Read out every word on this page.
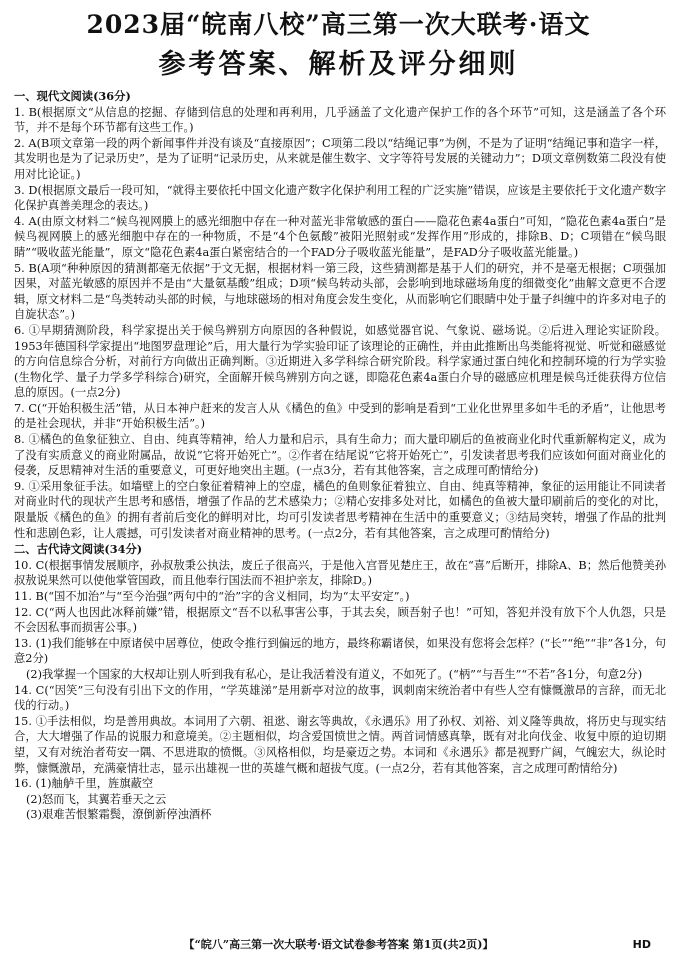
2023届“皖南八校”高三第一次大联考·语文
参考答案、解析及评分细则
一、现代文阅读(36分)

1. B(根据原文“从信息的挖掘、存储到信息的处理和再利用，几乎涵盖了文化遗产保护工作的各个环节”可知，这是涵盖了各个环节，并不是每个环节都有这些工作。)

2. A(B项文章第一段的两个新闻事件并没有谈及“直接原因”；C项第二段以“结绳记事”为例，不是为了证明“结绳记事和造字一样，其发明也是为了记录历史”，是为了证明“记录历史，从来就是催生数字、文字等符号发展的关键动力”；D项文章例数第二段没有使用对比论证。)

3. D(根据原文最后一段可知，“就得主要依托中国文化遗产数字化保护利用工程的广泛实施”错误，应该是主要依托于文化遗产数字化保护真善美理念的表达。)

4. A(由原文材料二“候鸟视网膜上的感光细胞中存在一种对蓝光非常敏感的蛋白——隐花色素4a蛋白”可知，“隐花色素4a蛋白”是候鸟视网膜上的感光细胞中存在的一种物质，不是“4个色氨酸”被阳光照射或“发挥作用”形成的，排除B、D；C项错在“候鸟眼睛”“吸收蓝光能量”，原文“隐花色素4a蛋白紧密结合的一个FAD分子吸收蓝光能量”，是FAD分子吸收蓝光能量。)

5. B(A项“种种原因的猜测都毫无依据”于文无据，根据材料一第三段，这些猜测都是基于人们的研究，并不是毫无根据；C项强加因果，对蓝光敏感的原因并不是由“大量氨基酸”组成；D项“候鸟转动头部，会影响到地球磁场角度的细微变化”曲解文意更不合逻辑，原文材料二是“鸟类转动头部的时候，与地球磁场的相对角度会发生变化，从而影响它们眼睛中处于量子纠缠中的许多对电子的自旋状态”。)

6. ①早期猜测阶段，科学家提出关于候鸟辨别方向原因的各种假说，如感觉器官说、气象说、磁场说。②后进入理论实证阶段。1953年德国科学家提出“地图罗盘理论”后，用大量行为学实验印证了该理论的正确性，并由此推断出鸟类能将视觉、听觉和磁感觉的方向信息综合分析，对前行方向做出正确判断。③近期进入多学科综合研究阶段。科学家通过蛋白纯化和控制环境的行为学实验(生物化学、量子力学多学科综合)研究，全面解开候鸟辨别方向之谜，即隐花色素4a蛋白介导的磁感应机理是候鸟迁徙获得方位信息的原因。(一点2分)

7. C(“开始积极生活”错，从日本神户赶来的发言人从《橘色的鱼》中受到的影响是看到“工业化世界里多如牛毛的矛盾”，让他思考的是社会现状，并非“开始积极生活”。)

8. ①橘色的鱼象征独立、自由、纯真等精神，给人力量和启示，具有生命力；而大量印刷后的鱼被商业化时代重新解构定义，成为了没有实质意义的商业附属品，故说“它将开始死亡”。②作者在结尾说“它将开始死亡”，引发读者思考我们应该如何面对商业化的侵袭，反思精神对生活的重要意义，可更好地突出主题。(一点3分，若有其他答案，言之成理可酌情给分)

9. ①采用象征手法。如墙壁上的空白象征着精神上的空虚，橘色的鱼则象征着独立、自由、纯真等精神，象征的运用能让不同读者对商业时代的现状产生思考和感悟，增强了作品的艺术感染力；②精心安排多处对比，如橘色的鱼被大量印刷前后的变化的对比，限量版《橘色的鱼》的拥有者前后变化的鲜明对比，均可引发读者思考精神在生活中的重要意义；③结局突转，增强了作品的批判性和悲剧色彩，让人震撼，可引发读者对商业精神的思考。(一点2分，若有其他答案，言之成理可酌情给分)

二、古代诗文阅读(34分)

10. C(根据事情发展顺序，孙叔敖秉公执法，废丘子很高兴，于是他入宫晋见楚庄王，故在“喜”后断开，排除A、B；然后他赞美孙叔敖说果然可以使他掌管国政，而且他奉行国法而不袒护亲友，排除D。)

11. B(“国不加治”与“至今治强”两句中的“治”字的含义相同，均为“太平安定”。)

12. C(“两人也因此冰释前嫌”错，根据原文“吾不以私事害公事，于其去矣，顾吾射子也！”可知，答犯并没有放下个人仇怨，只是不会因私事而损害公事。)

13. (1)我们能够在中原诸侯中居尊位，使政令推行到偏远的地方，最终称霸诸侯，如果没有您将会怎样？(“长”“绝”“非”各1分，句意2分)

(2)我掌握一个国家的大权却让别人听到我有私心，是让我活着没有道义，不如死了。(“柄”“与吾生”“不若”各1分，句意2分)

14. C(“因笑”三句没有引出下文的作用，“学英雄涕”是用新亭对泣的故事，讽刺南宋统治者中有些人空有慷慨激昂的言辞，而无北伐的行动。)

15. ①手法相似，均是善用典故。本词用了六朝、祖逖、谢玄等典故，《永遇乐》用了孙权、刘裕、刘义隆等典故，将历史与现实结合，大大增强了作品的说服力和意境美。②主题相似，均含爱国愤世之情。两首词情感真挚，既有对北向伐金、收复中原的迫切期望，又有对统治者苟安一隅、不思进取的愤慨。③风格相似，均是豪迈之势。本词和《永遇乐》都是视野广阔，气魄宏大，纵论时弊，慷慨激昂，充满豪情壮志，显示出雄视一世的英雄气概和超拔气度。(一点2分，若有其他答案，言之成理可酌情给分)

16. (1)舳舻千里，旌旗蔽空

(2)怒而飞，其翼若垂天之云

(3)艰难苦恨繁霜鬓，潦倒新停浊酒杯

【“皖八”高三第一次大联考·语文试卷参考答案 第1页(共2页)】	HD
